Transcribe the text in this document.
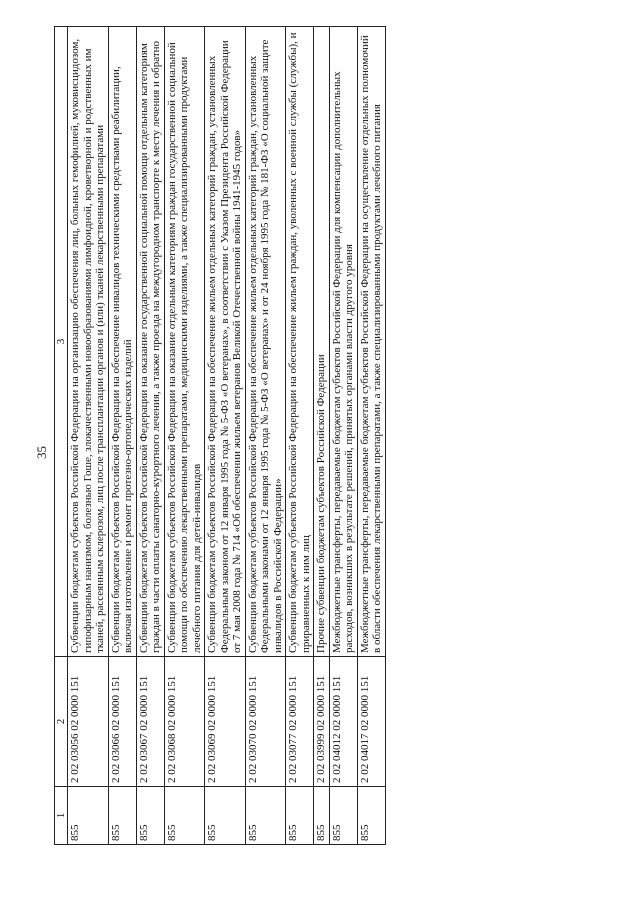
35
1	2	3
855	2 02 03056 02 0000 151	Субвенции бюджетам субъектов Российской Федерации на организацию обеспечения лиц, больных гемофилией, муковисцидозом, гипофизарным нанизмом, болезнью Гоше, злокачественными новообразованиями лимфоидной, кроветворной и родственных им тканей, рассеянным склерозом, лиц после трансплантации органов и (или) тканей лекарственными препаратами
855	2 02 03066 02 0000 151	Субвенции бюджетам субъектов Российской Федерации на обеспечение инвалидов техническими средствами реабилитации, включая изготовление и ремонт протезно-ортопедических изделий
855	2 02 03067 02 0000 151	Субвенции бюджетам субъектов Российской Федерации на оказание государственной социальной помощи отдельным категориям граждан в части оплаты санаторно-курортного лечения, а также проезда на междугородном транспорте к месту лечения и обратно
855	2 02 03068 02 0000 151	Субвенции бюджетам субъектов Российской Федерации на оказание отдельным категориям граждан государственной социальной помощи по обеспечению лекарственными препаратами, медицинскими изделиями, а также специализированными продуктами лечебного питания для детей-инвалидов
855	2 02 03069 02 0000 151	Субвенции бюджетам субъектов Российской Федерации на обеспечение жильем отдельных категорий граждан, установленных Федеральным законом от 12 января 1995 года № 5-ФЗ «О ветеранах», в соответствии с Указом Президента Российской Федерации от 7 мая 2008 года № 714 «Об обеспечении жильем ветеранов Великой Отечественной войны 1941-1945 годов»
855	2 02 03070 02 0000 151	Субвенции бюджетам субъектов Российской Федерации на обеспечение жильем отдельных категорий граждан, установленных Федеральными законами от 12 января 1995 года № 5-ФЗ «О ветеранах» и от 24 ноября 1995 года № 181-ФЗ «О социальной защите инвалидов в Российской Федерации»
855	2 02 03077 02 0000 151	Субвенции бюджетам субъектов Российской Федерации на обеспечение жильем граждан, уволенных с военной службы (службы), и приравненных к ним лиц
855	2 02 03999 02 0000 151	Прочие субвенции бюджетам субъектов Российской Федерации
855	2 02 04012 02 0000 151	Межбюджетные трансферты, передаваемые бюджетам субъектов Российской Федерации для компенсации дополнительных расходов, возникших в результате решений, принятых органами власти другого уровня
855	2 02 04017 02 0000 151	Межбюджетные трансферты, передаваемые бюджетам субъектов Российской Федерации на осуществление отдельных полномочий в области обеспечения лекарственными препаратами, а также специализированными продуктами лечебного питания
